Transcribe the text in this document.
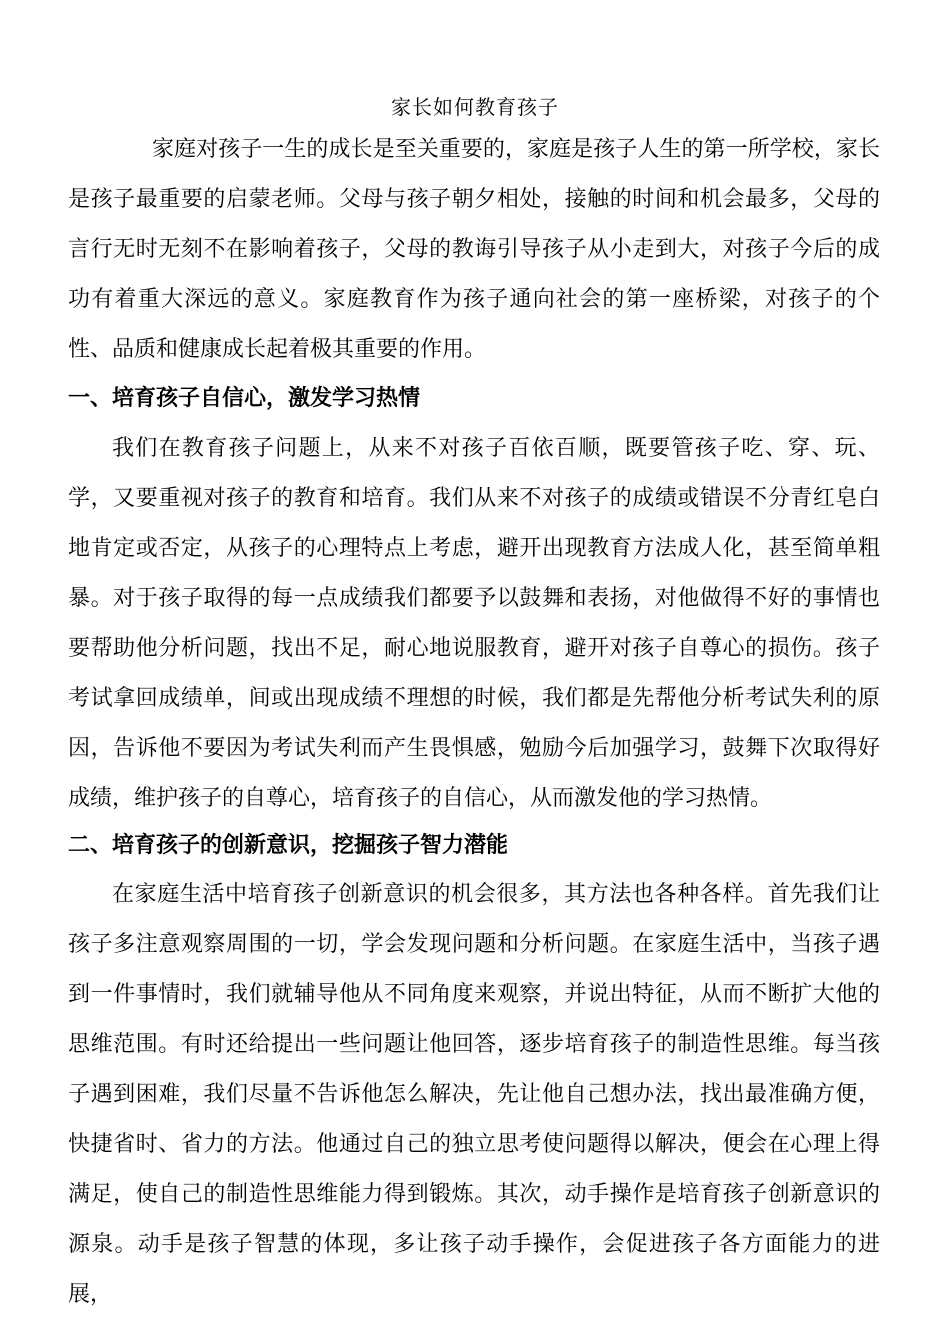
家长如何教育孩子

家庭对孩子一生的成长是至关重要的，家庭是孩子人生的第一所学校，家长是孩子最重要的启蒙老师。父母与孩子朝夕相处，接触的时间和机会最多，父母的言行无时无刻不在影响着孩子，父母的教诲引导孩子从小走到大，对孩子今后的成功有着重大深远的意义。家庭教育作为孩子通向社会的第一座桥梁，对孩子的个性、品质和健康成长起着极其重要的作用。

一、培育孩子自信心，激发学习热情

我们在教育孩子问题上，从来不对孩子百依百顺，既要管孩子吃、穿、玩、学，又要重视对孩子的教育和培育。我们从来不对孩子的成绩或错误不分青红皂白地肯定或否定，从孩子的心理特点上考虑，避开出现教育方法成人化，甚至简单粗暴。对于孩子取得的每一点成绩我们都要予以鼓舞和表扬，对他做得不好的事情也要帮助他分析问题，找出不足，耐心地说服教育，避开对孩子自尊心的损伤。孩子考试拿回成绩单，间或出现成绩不理想的时候，我们都是先帮他分析考试失利的原因，告诉他不要因为考试失利而产生畏惧感，勉励今后加强学习，鼓舞下次取得好成绩，维护孩子的自尊心，培育孩子的自信心，从而激发他的学习热情。

二、培育孩子的创新意识，挖掘孩子智力潜能

在家庭生活中培育孩子创新意识的机会很多，其方法也各种各样。首先我们让孩子多注意观察周围的一切，学会发现问题和分析问题。在家庭生活中，当孩子遇到一件事情时，我们就辅导他从不同角度来观察，并说出特征，从而不断扩大他的思维范围。有时还给提出一些问题让他回答，逐步培育孩子的制造性思维。每当孩子遇到困难，我们尽量不告诉他怎么解决，先让他自己想办法，找出最准确方便，快捷省时、省力的方法。他通过自己的独立思考使问题得以解决，便会在心理上得满足，使自己的制造性思维能力得到锻炼。其次，动手操作是培育孩子创新意识的源泉。动手是孩子智慧的体现，多让孩子动手操作，会促进孩子各方面能力的进展，
